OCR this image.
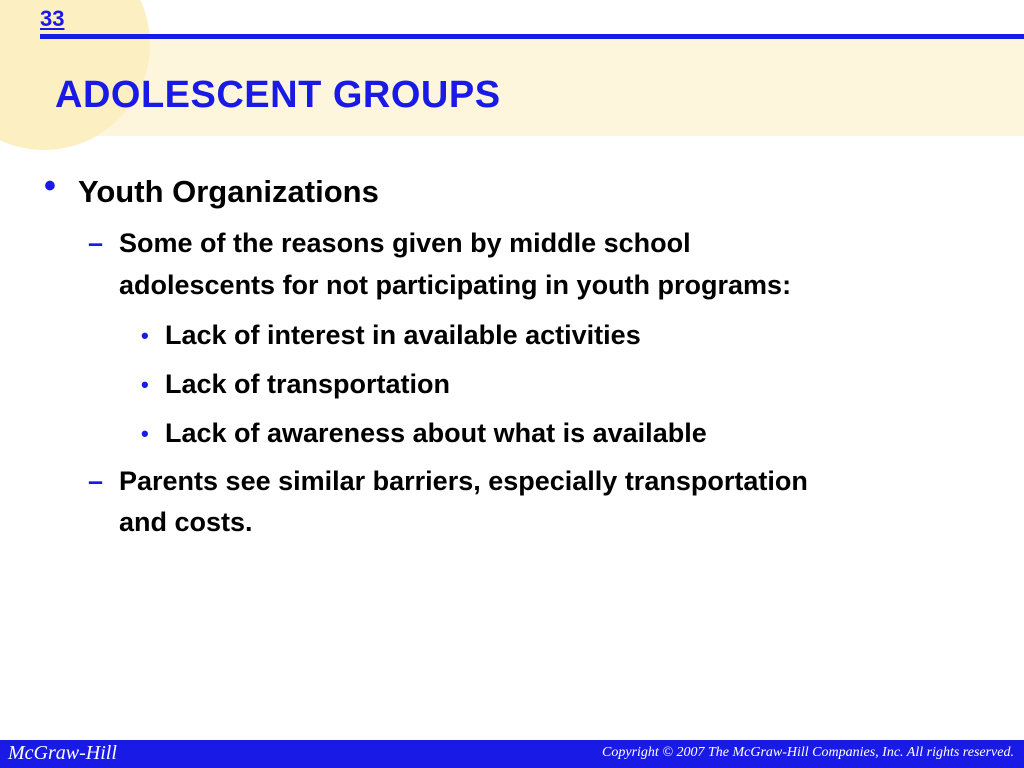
33
ADOLESCENT GROUPS
• Youth Organizations
– Some of the reasons given by middle school
adolescents for not participating in youth programs:
• Lack of interest in available activities
• Lack of transportation
• Lack of awareness about what is available
– Parents see similar barriers, especially transportation
and costs.
McGraw-Hill	Copyright © 2007 The McGraw-Hill Companies, Inc. All rights reserved.
